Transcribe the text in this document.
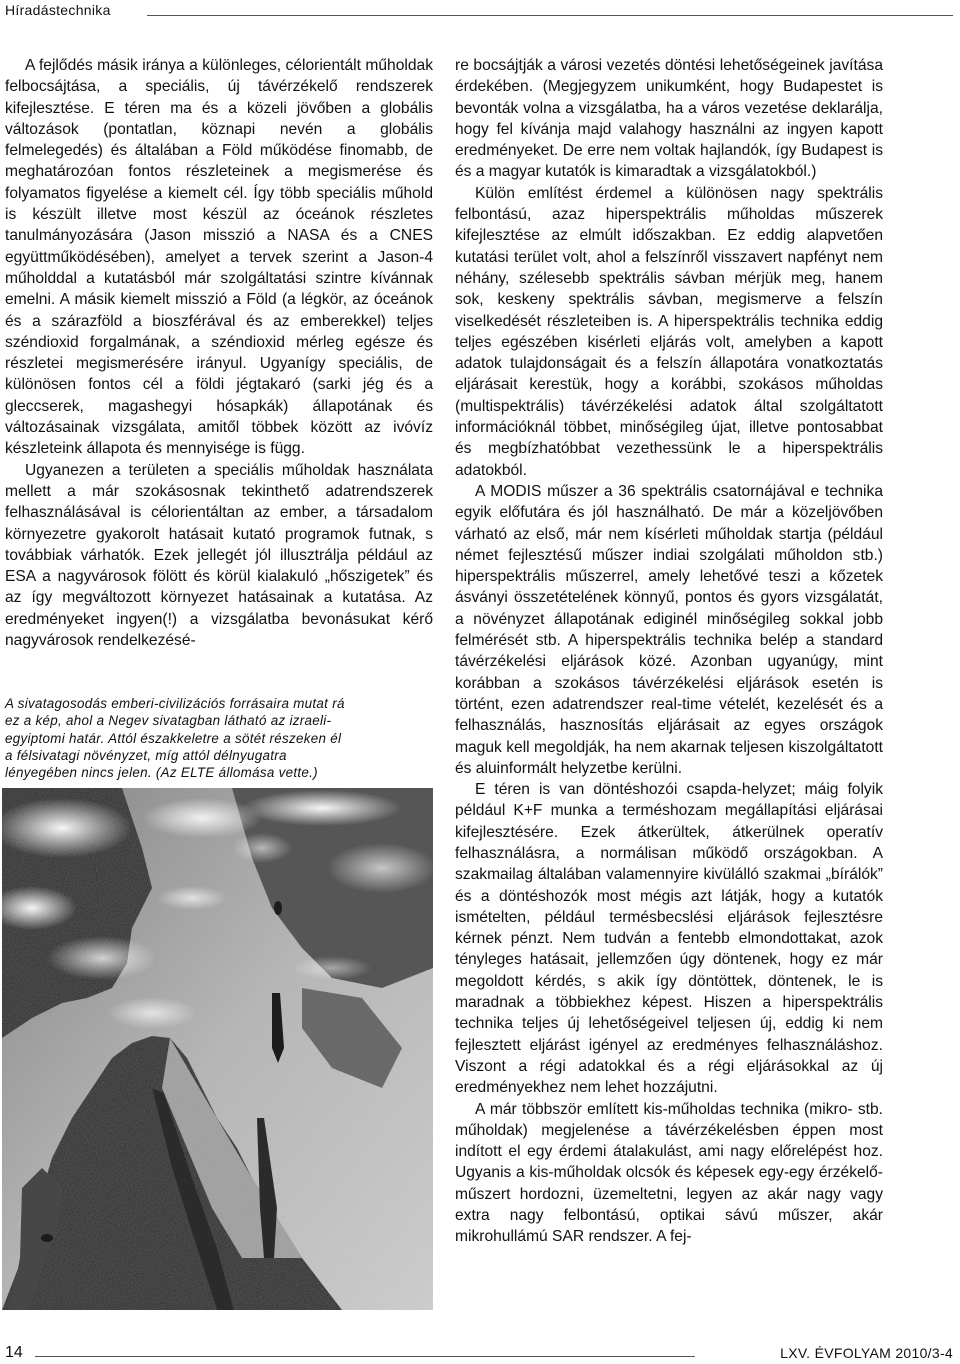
Híradástechnika

A fejlődés másik iránya a különleges, célorientált műholdak felbocsájtása, a speciális, új távérzékelő rendszerek kifejlesztése. E téren ma és a közeli jövőben a globális változások (pontatlan, köznapi nevén a globális felmelegedés) és általában a Föld működése finomabb, de meghatározóan fontos részleteinek a megismerése és folyamatos figyelése a kiemelt cél. Így több speciális műhold is készült illetve most készül az óceánok részletes tanulmányozására (Jason misszió a NASA és a CNES együttműködésében), amelyet a tervek szerint a Jason-4 műholddal a kutatásból már szolgáltatási szintre kívánnak emelni. A másik kiemelt misszió a Föld (a légkör, az óceánok és a szárazföld a bioszférával és az emberekkel) teljes széndioxid forgalmának, a széndioxid mérleg egésze és részletei megismerésére irányul. Ugyanígy speciális, de különösen fontos cél a földi jégtakaró (sarki jég és a gleccserek, magashegyi hósapkák) állapotának és változásainak vizsgálata, amitől többek között az ivóvíz készleteink állapota és mennyisége is függ.

Ugyanezen a területen a speciális műholdak használata mellett a már szokásosnak tekinthető adatrendszerek felhasználásával is célorientáltan az ember, a társadalom környezetre gyakorolt hatásait kutató programok futnak, s továbbiak várhatók. Ezek jellegét jól illusztrálja például az ESA a nagyvárosok fölött és körül kialakuló „hőszigetek” és az így megváltozott környezet hatásainak a kutatása. Az eredményeket ingyen(!) a vizsgálatba bevonásukat kérő nagyvárosok rendelkezésé-

A sivatagosodás emberi-civilizációs forrásaira mutat rá
ez a kép, ahol a Negev sivatagban látható az izraeli-
egyiptomi határ. Attól északkeletre a sötét részeken él
a félsivatagi növényzet, míg attól délnyugatra
lényegében nincs jelen. (Az ELTE állomása vette.)

re bocsájtják a városi vezetés döntési lehetőségeinek javítása érdekében. (Megjegyzem unikumként, hogy Budapestet is bevonták volna a vizsgálatba, ha a város vezetése deklarálja, hogy fel kívánja majd valahogy használni az ingyen kapott eredményeket. De erre nem voltak hajlandók, így Budapest is és a magyar kutatók is kimaradtak a vizsgálatokból.)

Külön említést érdemel a különösen nagy spektrális felbontású, azaz hiperspektrális műholdas műszerek kifejlesztése az elmúlt időszakban. Ez eddig alapvetően kutatási terület volt, ahol a felszínről visszavert napfényt nem néhány, szélesebb spektrális sávban mérjük meg, hanem sok, keskeny spektrális sávban, megismerve a felszín viselkedését részleteiben is. A hiperspektrális technika eddig teljes egészében kisérleti eljárás volt, amelyben a kapott adatok tulajdonságait és a felszín állapotára vonatkoztatás eljárásait kerestük, hogy a korábbi, szokásos műholdas (multispektrális) távérzékelési adatok által szolgáltatott információknál többet, minőségileg újat, illetve pontosabbat és megbízhatóbbat vezethessünk le a hiperspektrális adatokból.

A MODIS műszer a 36 spektrális csatornájával e technika egyik előfutára és jól használható. De már a közeljövőben várható az első, már nem kísérleti műholdak startja (például német fejlesztésű műszer indiai szolgálati műholdon stb.) hiperspektrális műszerrel, amely lehetővé teszi a kőzetek ásványi összetételének könnyű, pontos és gyors vizsgálatát, a növényzet állapotának ediginél minőségileg sokkal jobb felmérését stb. A hiperspektrális technika belép a standard távérzékelési eljárások közé. Azonban ugyanúgy, mint korábban a szokásos távérzékelési eljárások esetén is történt, ezen adatrendszer real-time vételét, kezelését és a felhasználás, hasznosítás eljárásait az egyes országok maguk kell megoldják, ha nem akarnak teljesen kiszolgáltatott és aluinformált helyzetbe kerülni.

E téren is van döntéshozói csapda-helyzet; máig folyik például K+F munka a terméshozam megállapítási eljárásai kifejlesztésére. Ezek átkerültek, átkerülnek operatív felhasználásra, a normálisan működő országokban. A szakmailag általában valamennyire kivülálló szakmai „bírálók” és a döntéshozók most mégis azt látják, hogy a kutatók ismételten, például termésbecslési eljárások fejlesztésre kérnek pénzt. Nem tudván a fentebb elmondottakat, azok tényleges hatásait, jellemzően úgy döntenek, hogy ez már megoldott kérdés, s akik így döntöttek, döntenek, le is maradnak a többiekhez képest. Hiszen a hiperspektrális technika teljes új lehetőségeivel teljesen új, eddig ki nem fejlesztett eljárást igényel az eredményes felhasználáshoz. Viszont a régi adatokkal és a régi eljárásokkal az új eredményekhez nem lehet hozzájutni.

A már többször említett kis-műholdas technika (mikro- stb. műholdak) megjelenése a távérzékelésben éppen most indított el egy érdemi átalakulást, ami nagy előrelépést hoz. Ugyanis a kis-műholdak olcsók és képesek egy-egy érzékelő-műszert hordozni, üzemeltetni, legyen az akár nagy vagy extra nagy felbontású, optikai sávú műszer, akár mikrohullámú SAR rendszer. A fej-

14	LXV. ÉVFOLYAM 2010/3-4
